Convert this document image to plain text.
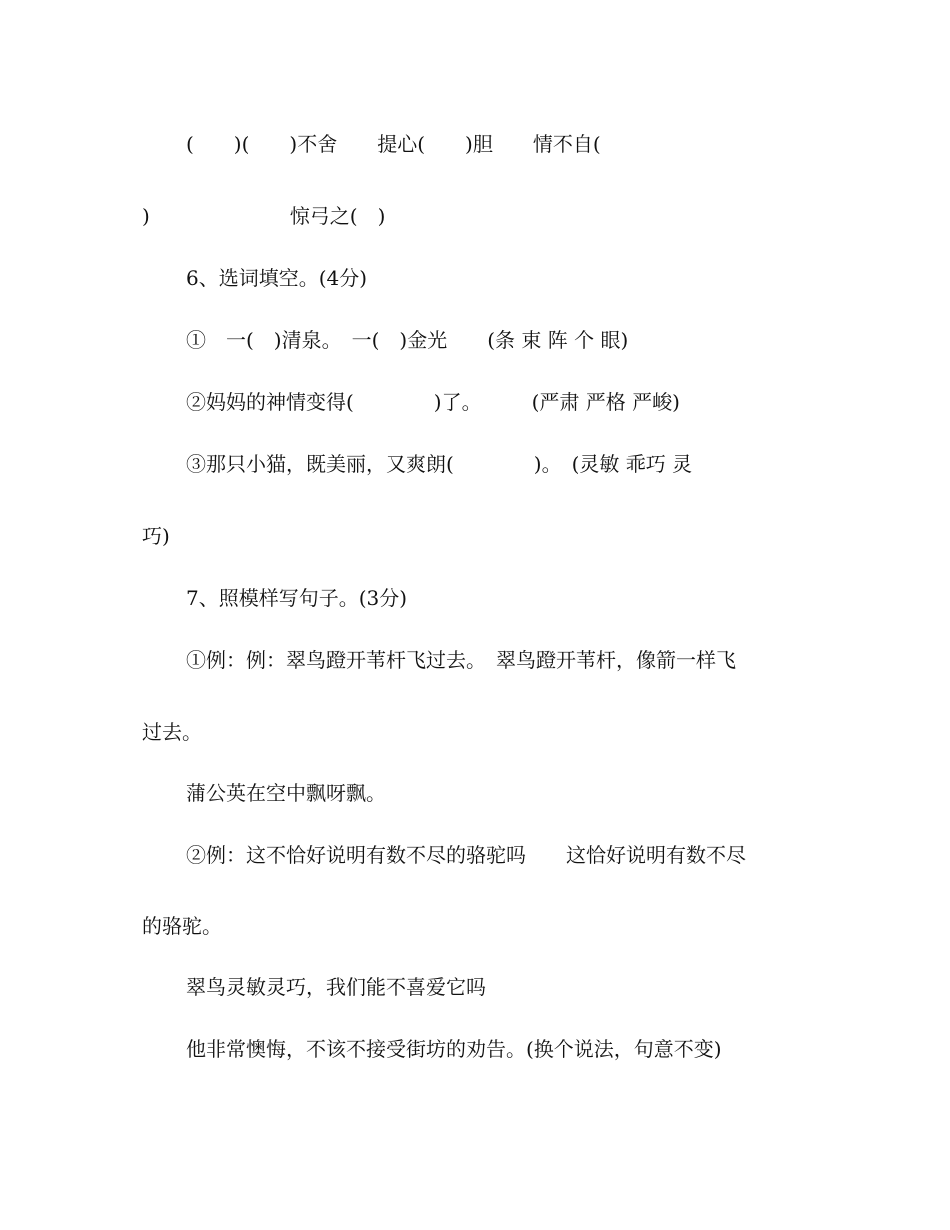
(　　)(　　)不舍　　提心(　　)胆　　情不自(
)　　　　　　　惊弓之(　)
6、选词填空。(4分)
①　一(　)清泉。　一(　)金光　　(条 束 阵 个 眼)
②妈妈的神情变得(　　　　)了。　　　(严肃 严格 严峻)
③那只小猫，既美丽，又爽朗(　　　　)。　(灵敏 乖巧 灵
巧)
7、照模样写句子。(3分)
①例：例：翠鸟蹬开苇杆飞过去。　翠鸟蹬开苇杆，像箭一样飞
过去。
蒲公英在空中飘呀飘。
②例：这不恰好说明有数不尽的骆驼吗　　这恰好说明有数不尽
的骆驼。
翠鸟灵敏灵巧，我们能不喜爱它吗
他非常懊悔，不该不接受街坊的劝告。(换个说法，句意不变)
